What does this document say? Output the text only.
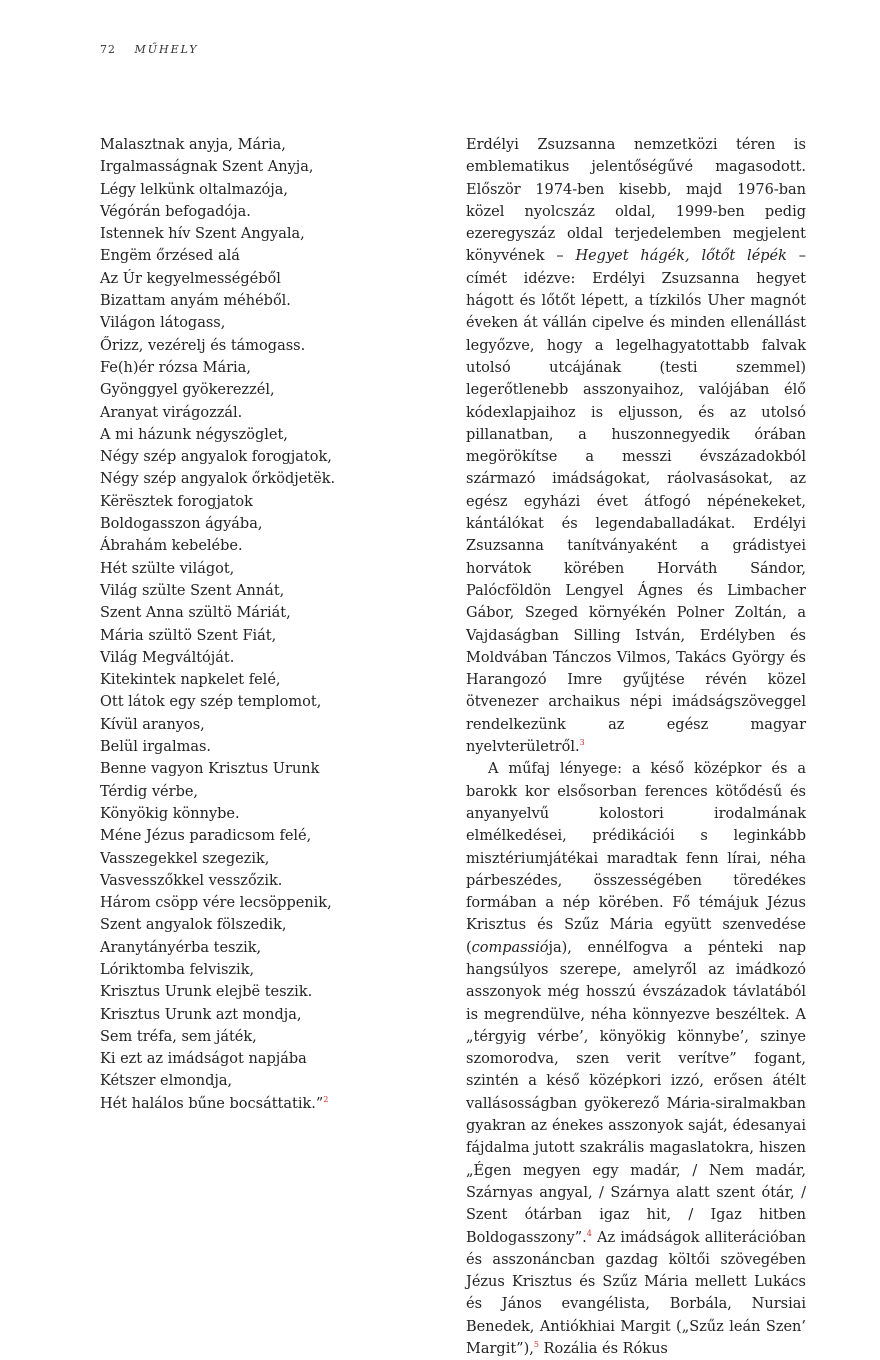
72 MŰHELY
Malasztnak anyja, Mária,
Irgalmasságnak Szent Anyja,
Légy lelkünk oltalmazója,
Végórán befogadója.
Istennek hív Szent Angyala,
Engëm őrzésed alá
Az Úr kegyelmességéből
Bizattam anyám méhéből.
Világon látogass,
Őrizz, vezérelj és támogass.
Fe(h)ér rózsa Mária,
Gyönggyel gyökerezzél,
Aranyat virágozzál.
A mi házunk négyszöglet,
Négy szép angyalok forogjatok,
Négy szép angyalok őrködjetëk.
Kërësztek forogjatok
Boldogasszon ágyába,
Ábrahám kebelébe.
Hét szülte világot,
Világ szülte Szent Annát,
Szent Anna szültö Máriát,
Mária szültö Szent Fiát,
Világ Megváltóját.
Kitekintek napkelet felé,
Ott látok egy szép templomot,
Kívül aranyos,
Belül irgalmas.
Benne vagyon Krisztus Urunk
Térdig vérbe,
Könyökig könnybe.
Méne Jézus paradicsom felé,
Vasszegekkel szegezik,
Vasvesszőkkel vesszőzik.
Három csöpp vére lecsöppenik,
Szent angyalok fölszedik,
Aranytányérba teszik,
Lóriktomba felviszik,
Krisztus Urunk elejbë teszik.
Krisztus Urunk azt mondja,
Sem tréfa, sem játék,
Ki ezt az imádságot napjába
Kétszer elmondja,
Hét halálos bűne bocsáttatik.”$^2$

Erdélyi Zsuzsanna nemzetközi téren is emblematikus jelentőségűvé magasodott. Először 1974-ben kisebb, majd 1976-ban közel nyolcszáz oldal, 1999-ben pedig ezeregyszáz oldal terjedelemben megjelent könyvének – Hegyet hágék, lőtőt lépék – címét idézve: Erdélyi Zsuzsanna hegyet hágott és lőtőt lépett, a tízkilós Uher magnót éveken át vállán cipelve és minden ellenállást legyőzve, hogy a legelhagyatottabb falvak utolsó utcájának (testi szemmel) legerőtlenebb asszonyaihoz, valójában élő kódexlapjaihoz is eljusson, és az utolsó pillanatban, a huszonnegyedik órában megörökítse a messzi évszázadokból származó imádságokat, ráolvasásokat, az egész egyházi évet átfogó népénekeket, kántálókat és legendaballadákat. Erdélyi Zsuzsanna tanítványaként a grádistyei horvátok körében Horváth Sándor, Palócföldön Lengyel Ágnes és Limbacher Gábor, Szeged környékén Polner Zoltán, a Vajdaságban Silling István, Erdélyben és Moldvában Tánczos Vilmos, Takács György és Harangozó Imre gyűjtése révén közel ötvenezer archaikus népi imádságszöveggel rendelkezünk az egész magyar nyelvterületről.$^3$

A műfaj lényege: a késő középkor és a barokk kor elsősorban ferences kötődésű és anyanyelvű kolostori irodalmának elmélkedései, prédikációi s leginkább misztériumjátékai maradtak fenn lírai, néha párbeszédes, összességében töredékes formában a nép körében. Fő témájuk Jézus Krisztus és Szűz Mária együtt szenvedése (compassiója), ennélfogva a pénteki nap hangsúlyos szerepe, amelyről az imádkozó asszonyok még hosszú évszázadok távlatából is megrendülve, néha könnyezve beszéltek. A „térgyig vérbe’, könyökig könnybe’, szinye szomorodva, szen verit verítve” fogant, szintén a késő középkori izzó, erősen átélt vallásosságban gyökerező Mária-siralmakban gyakran az énekes asszonyok saját, édesanyai fájdalma jutott szakrális magaslatokra, hiszen „Égen megyen egy madár, / Nem madár, Szárnyas angyal, / Szárnya alatt szent ótár, / Szent ótárban igaz hit, / Igaz hitben Boldogasszony”.$^4$ Az imádságok alliterációban és asszonáncban gazdag költői szövegében Jézus Krisztus és Szűz Mária mellett Lukács és János evangélista, Borbála, Nursiai Benedek, Antiókhiai Margit („Szűz leán Szen’ Margit”),$^5$ Rozália és Rókus
